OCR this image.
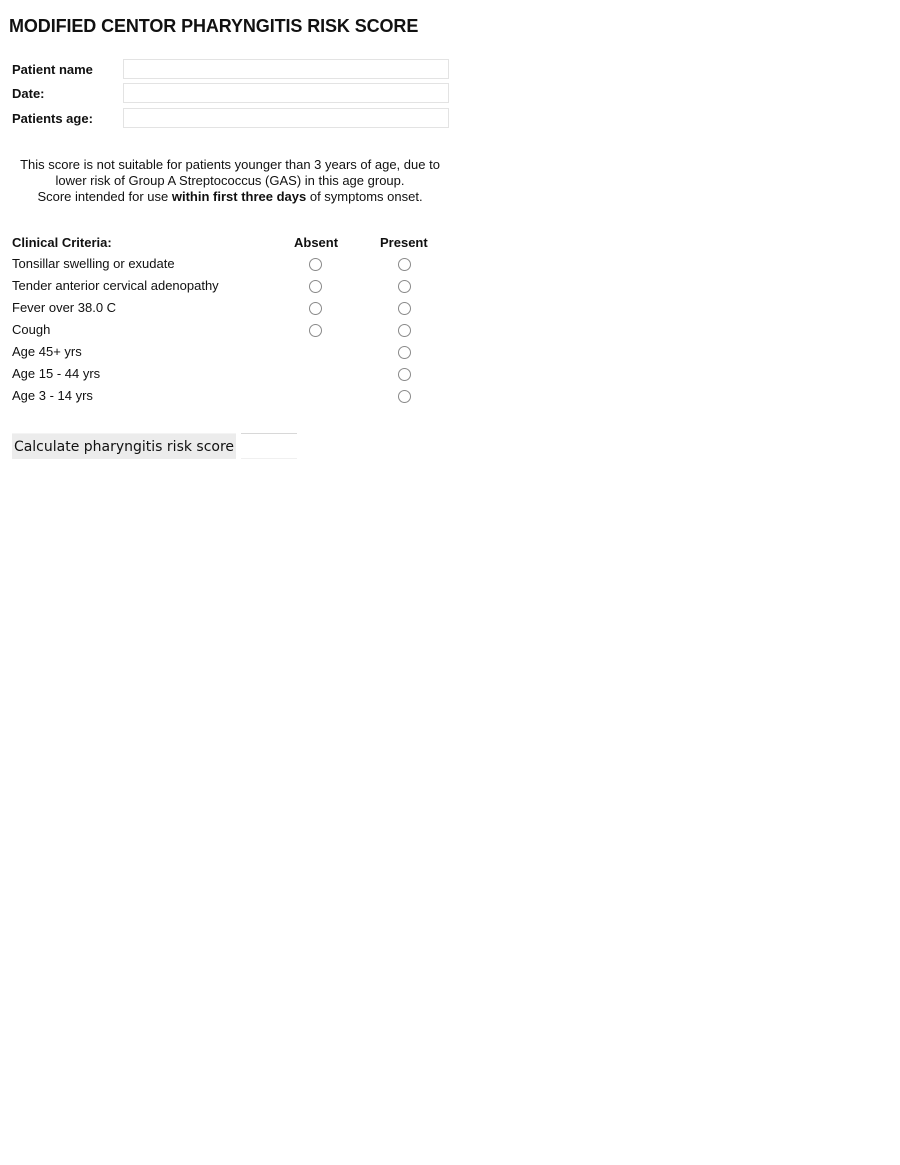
MODIFIED CENTOR PHARYNGITIS RISK SCORE
Patient name
Date:
Patients age:
This score is not suitable for patients younger than 3 years of age, due to
lower risk of Group A Streptococcus (GAS) in this age group.
Score intended for use within first three days of symptoms onset.
Clinical Criteria:	Absent	Present
Tonsillar swelling or exudate
Tender anterior cervical adenopathy
Fever over 38.0 C
Cough
Age 45+ yrs
Age 15 - 44 yrs
Age 3 - 14 yrs
Calculate pharyngitis risk score
